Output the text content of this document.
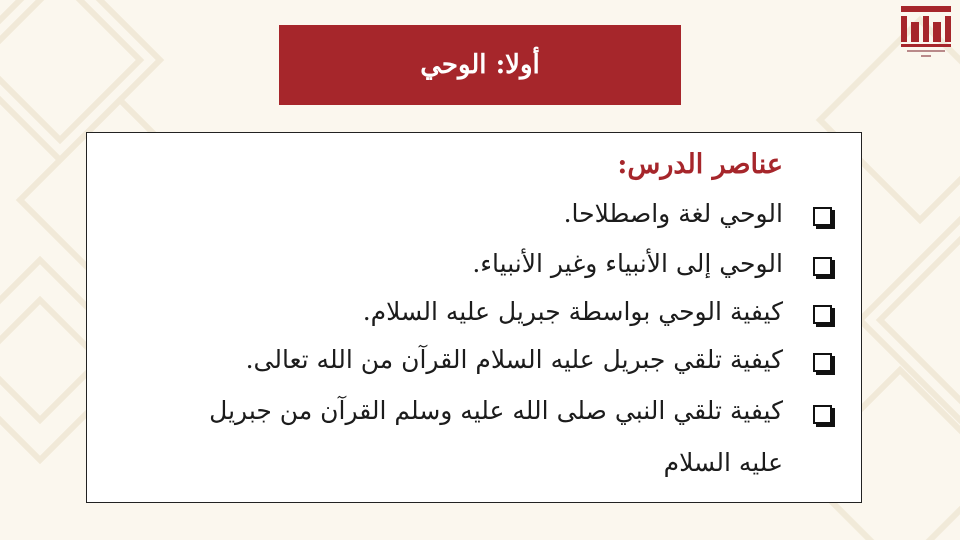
أولا: الوحي
عناصر الدرس:
الوحي لغة واصطلاحا.
الوحي إلى الأنبياء وغير الأنبياء.
كيفية الوحي بواسطة جبريل عليه السلام.
كيفية تلقي جبريل عليه السلام القرآن من الله تعالى.
كيفية تلقي النبي صلى الله عليه وسلم القرآن من جبريل عليه السلام
